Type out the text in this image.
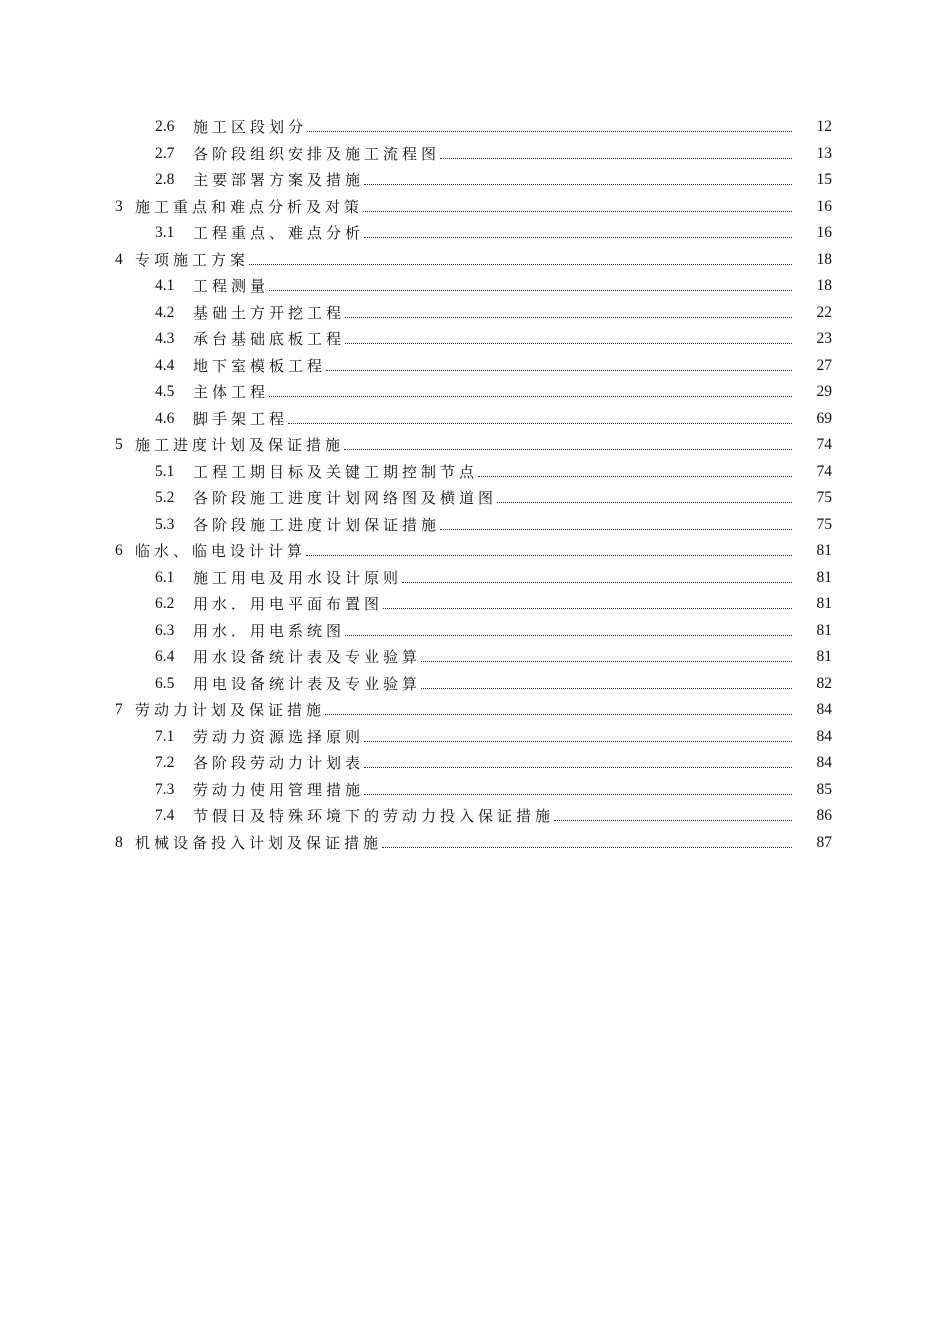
2.6	施工区段划分	12
2.7	各阶段组织安排及施工流程图	13
2.8	主要部署方案及措施	15
3 施工重点和难点分析及对策	16
3.1	工程重点、难点分析	16
4 专项施工方案	18
4.1	工程测量	18
4.2	基础土方开挖工程	22
4.3	承台基础底板工程	23
4.4	地下室模板工程	27
4.5	主体工程	29
4.6	脚手架工程	69
5 施工进度计划及保证措施	74
5.1	工程工期目标及关键工期控制节点	74
5.2	各阶段施工进度计划网络图及横道图	75
5.3	各阶段施工进度计划保证措施	75
6 临水、临电设计计算	81
6.1	施工用电及用水设计原则	81
6.2	用水．用电平面布置图	81
6.3	用水．用电系统图	81
6.4	用水设备统计表及专业验算	81
6.5	用电设备统计表及专业验算	82
7 劳动力计划及保证措施	84
7.1	劳动力资源选择原则	84
7.2	各阶段劳动力计划表	84
7.3	劳动力使用管理措施	85
7.4	节假日及特殊环境下的劳动力投入保证措施	86
8 机械设备投入计划及保证措施	87
